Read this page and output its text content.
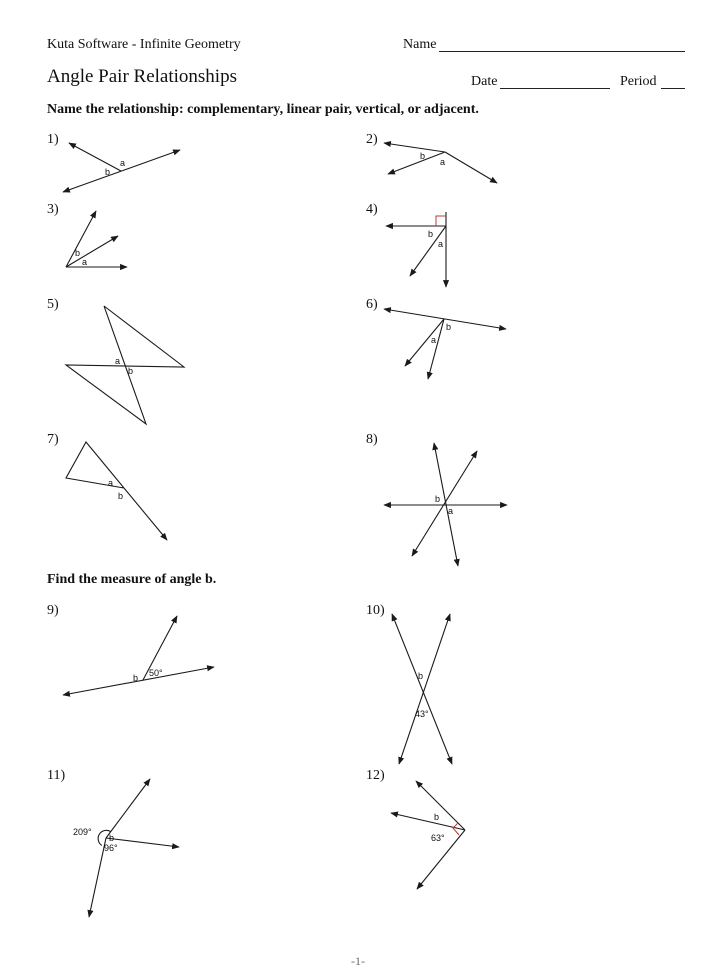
Kuta Software - Infinite Geometry	Name
Angle Pair Relationships	Date	Period
Name the relationship: complementary, linear pair, vertical, or adjacent.
Find the measure of angle b.
1)	2)
3)	4)
5)	6)
7)	8)
9)	10)
11)	12)
a
b
b
a
b
a
b
a
a
b
b
a
a
b	b
a
b 50°	b
43°
209°
b
96°
b
63°
-1-
